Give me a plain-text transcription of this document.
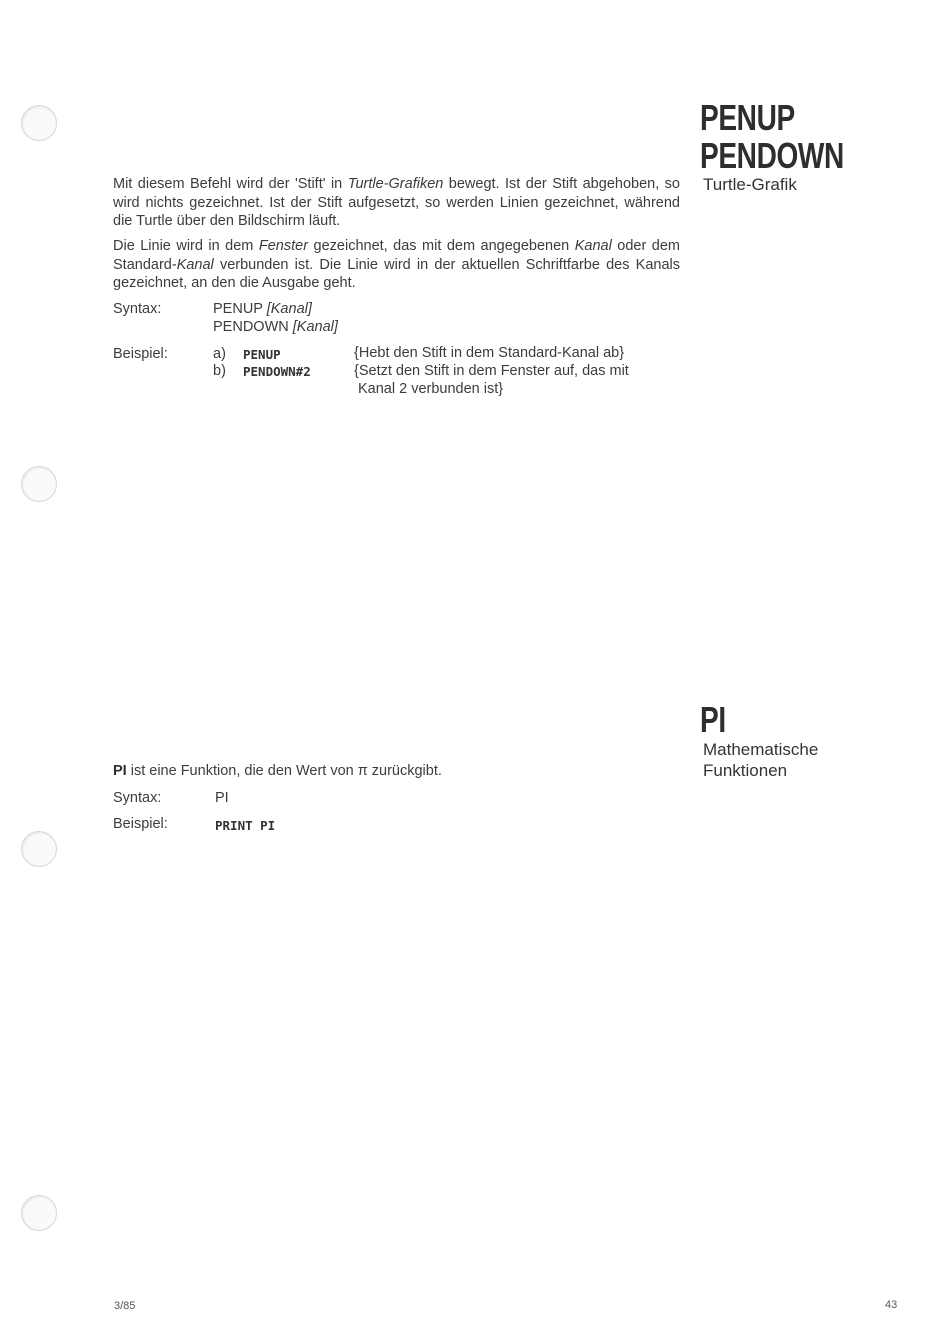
PENUP
PENDOWN
Turtle-Grafik

Mit diesem Befehl wird der 'Stift' in Turtle-Grafiken bewegt. Ist der Stift abgehoben, so wird nichts gezeichnet. Ist der Stift aufgesetzt, so werden Linien gezeichnet, während die Turtle über den Bildschirm läuft.

Die Linie wird in dem Fenster gezeichnet, das mit dem angegebenen Kanal oder dem Standard-Kanal verbunden ist. Die Linie wird in der aktuellen Schriftfarbe des Kanals gezeichnet, an den die Ausgabe geht.

Syntax:	PENUP [Kanal]
PENDOWN [Kanal]
Beispiel:	a) PENUP	{Hebt den Stift in dem Standard-Kanal ab}
b) PENDOWN#2	{Setzt den Stift in dem Fenster auf, das mit
Kanal 2 verbunden ist}
PI
Mathematische
Funktionen
PI ist eine Funktion, die den Wert von π zurückgibt.
Syntax:	PI
Beispiel:	PRINT PI
3/85	43
